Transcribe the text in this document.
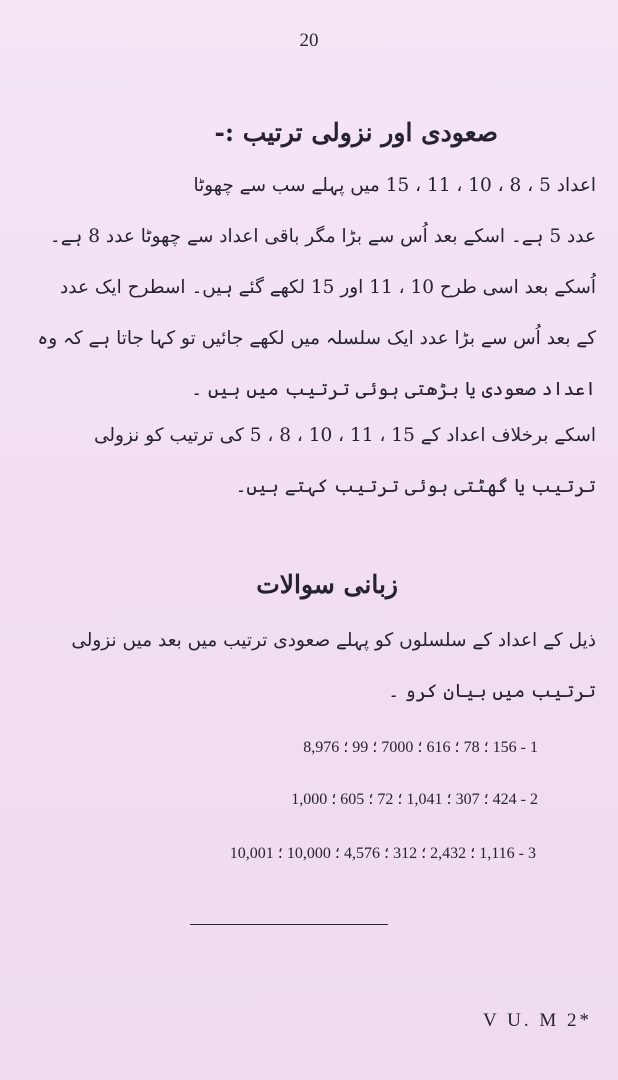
20
صعودی اور نزولی ترتیب :-
اعداد 5 ، 8 ، 10 ، 11 ، 15 میں پہلے سب سے چھوٹا
عدد 5 ہے۔ اسکے بعد اُس سے بڑا مگر باقی اعداد سے چھوٹا عدد 8 ہے۔
اُسکے بعد اسی طرح 10 ، 11 اور 15 لکھے گئے ہیں۔ اسطرح ایک عدد
کے بعد اُس سے بڑا عدد ایک سلسلہ میں لکھے جائیں تو کہا جاتا ہے کہ وہ
اعداد صعودی یا بڑھتی ہوئی ترتیب میں ہیں ۔
اسکے برخلاف اعداد کے 15 ، 11 ، 10 ، 8 ، 5 کی ترتیب کو نزولی
ترتیب یا گھٹتی ہوئی ترتیب کہتے ہیں۔
زبانی سوالات
ذیل کے اعداد کے سلسلوں کو پہلے صعودی ترتیب میں بعد میں نزولی
ترتیب میں بیان کرو ۔
1 - 156 ؛ 78 ؛ 616 ؛ 7000 ؛ 99 ؛ 8,976
2 - 424 ؛ 307 ؛ 1,041 ؛ 72 ؛ 605 ؛ 1,000
3 - 1,116 ؛ 2,432 ؛ 312 ؛ 4,576 ؛ 10,000 ؛ 10,001
V U. M 2*
